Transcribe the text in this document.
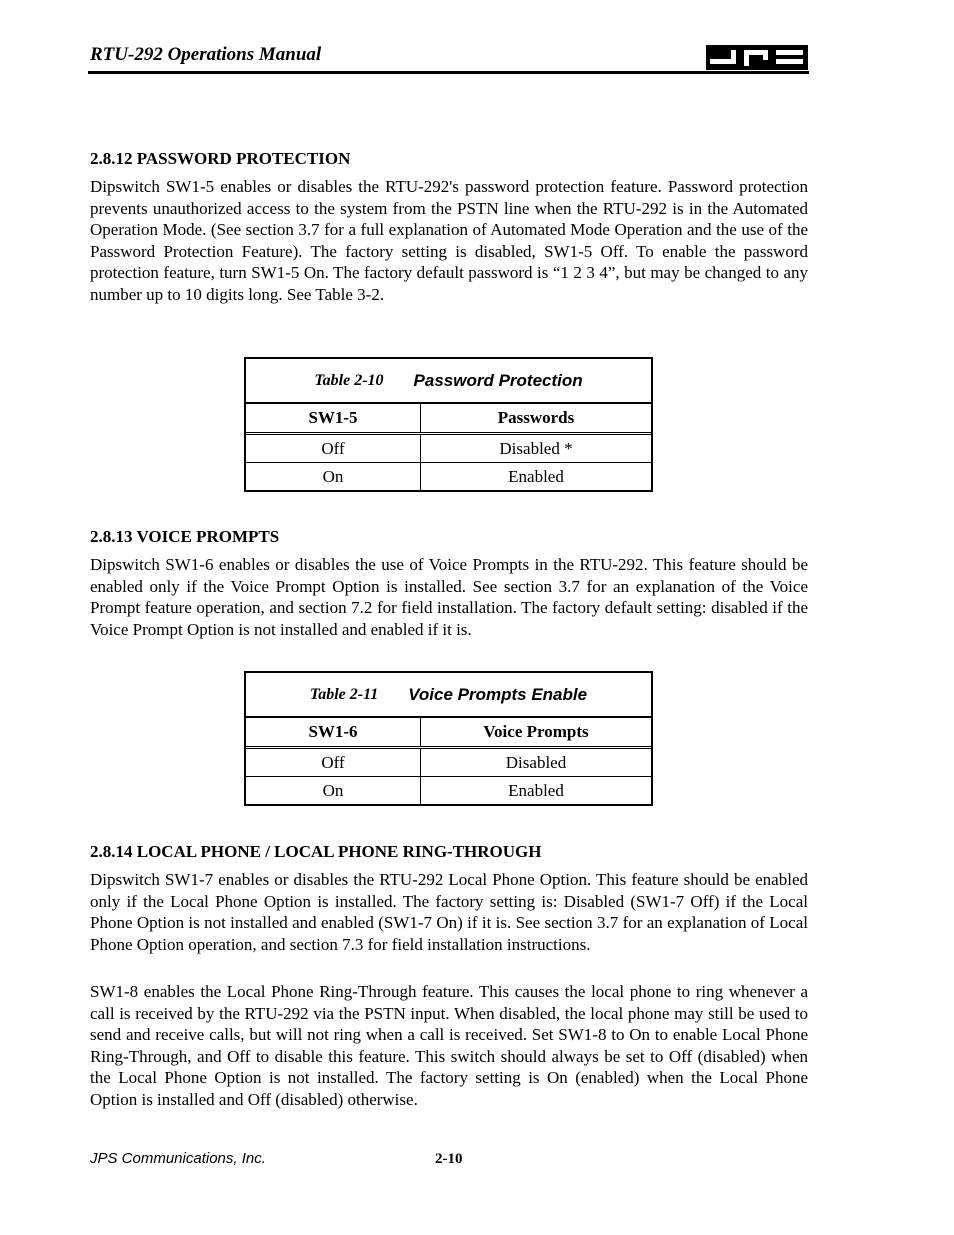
RTU-292 Operations Manual
2.8.12 PASSWORD PROTECTION

Dipswitch SW1-5 enables or disables the RTU-292's password protection feature. Password protection prevents unauthorized access to the system from the PSTN line when the RTU-292 is in the Automated Operation Mode. (See section 3.7 for a full explanation of Automated Mode Operation and the use of the Password Protection Feature). The factory setting is disabled, SW1-5 Off. To enable the password protection feature, turn SW1-5 On. The factory default password is “1 2 3 4”, but may be changed to any number up to 10 digits long. See Table 3-2.

Table 2-10 Password Protection
SW1-5	Passwords
Off	Disabled *
On	Enabled
2.8.13 VOICE PROMPTS

Dipswitch SW1-6 enables or disables the use of Voice Prompts in the RTU-292. This feature should be enabled only if the Voice Prompt Option is installed. See section 3.7 for an explanation of the Voice Prompt feature operation, and section 7.2 for field installation. The factory default setting: disabled if the Voice Prompt Option is not installed and enabled if it is.

Table 2-11 Voice Prompts Enable
SW1-6	Voice Prompts
Off	Disabled
On	Enabled
2.8.14 LOCAL PHONE / LOCAL PHONE RING-THROUGH

Dipswitch SW1-7 enables or disables the RTU-292 Local Phone Option. This feature should be enabled only if the Local Phone Option is installed. The factory setting is: Disabled (SW1-7 Off) if the Local Phone Option is not installed and enabled (SW1-7 On) if it is. See section 3.7 for an explanation of Local Phone Option operation, and section 7.3 for field installation instructions.

SW1-8 enables the Local Phone Ring-Through feature. This causes the local phone to ring whenever a call is received by the RTU-292 via the PSTN input. When disabled, the local phone may still be used to send and receive calls, but will not ring when a call is received. Set SW1-8 to On to enable Local Phone Ring-Through, and Off to disable this feature. This switch should always be set to Off (disabled) when the Local Phone Option is not installed. The factory setting is On (enabled) when the Local Phone Option is installed and Off (disabled) otherwise.

JPS Communications, Inc.	2-10
